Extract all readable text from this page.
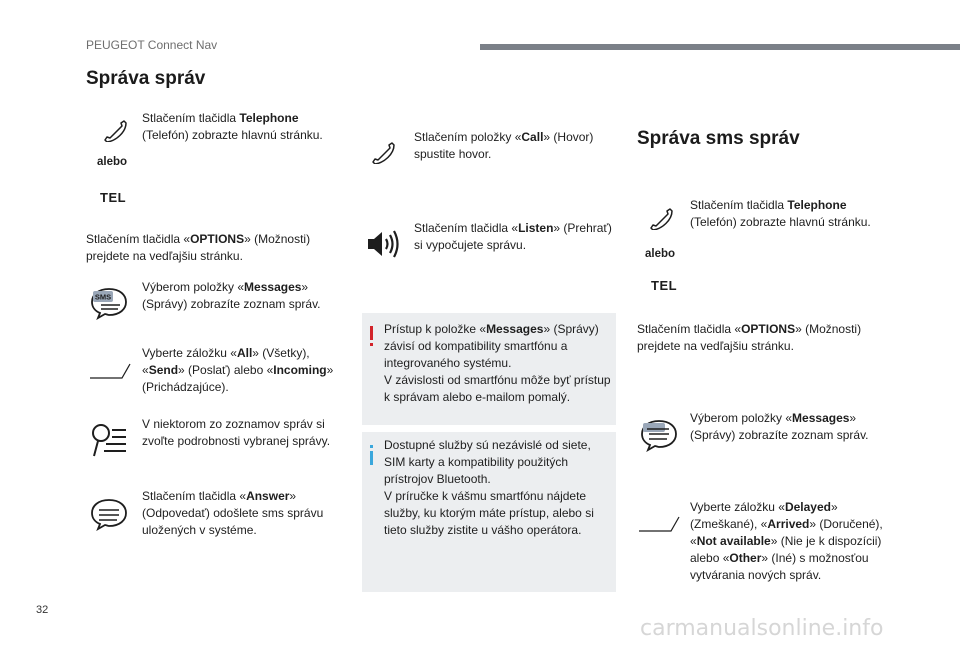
PEUGEOT Connect Nav
Správa správ
Stlačením tlačidla Telephone (Telefón) zobrazte hlavnú stránku.
alebo
TEL
Stlačením tlačidla «OPTIONS» (Možnosti) prejdete na vedľajšiu stránku.
SMS
Výberom položky «Messages» (Správy) zobrazíte zoznam správ.
Vyberte záložku «All» (Všetky), «Send» (Poslať) alebo «Incoming» (Prichádzajúce).
V niektorom zo zoznamov správ si zvoľte podrobnosti vybranej správy.
Stlačením tlačidla «Answer» (Odpovedať) odošlete sms správu uložených v systéme.
Stlačením položky «Call» (Hovor) spustite hovor.
Stlačením tlačidla «Listen» (Prehrať) si vypočujete správu.
Prístup k položke «Messages» (Správy) závisí od kompatibility smartfónu a integrovaného systému.
V závislosti od smartfónu môže byť prístup k správam alebo e-mailom pomalý.
Dostupné služby sú nezávislé od siete, SIM karty a kompatibility použitých prístrojov Bluetooth.
V príručke k vášmu smartfónu nájdete služby, ku ktorým máte prístup, alebo si tieto služby zistite u vášho operátora.
Správa sms správ
Stlačením tlačidla Telephone (Telefón) zobrazte hlavnú stránku.
alebo
TEL
Stlačením tlačidla «OPTIONS» (Možnosti) prejdete na vedľajšiu stránku.
Výberom položky «Messages» (Správy) zobrazíte zoznam správ.
Vyberte záložku «Delayed» (Zmeškané), «Arrived» (Doručené), «Not available» (Nie je k dispozícii) alebo «Other» (Iné) s možnosťou vytvárania nových správ.
32
carmanualsonline.info
